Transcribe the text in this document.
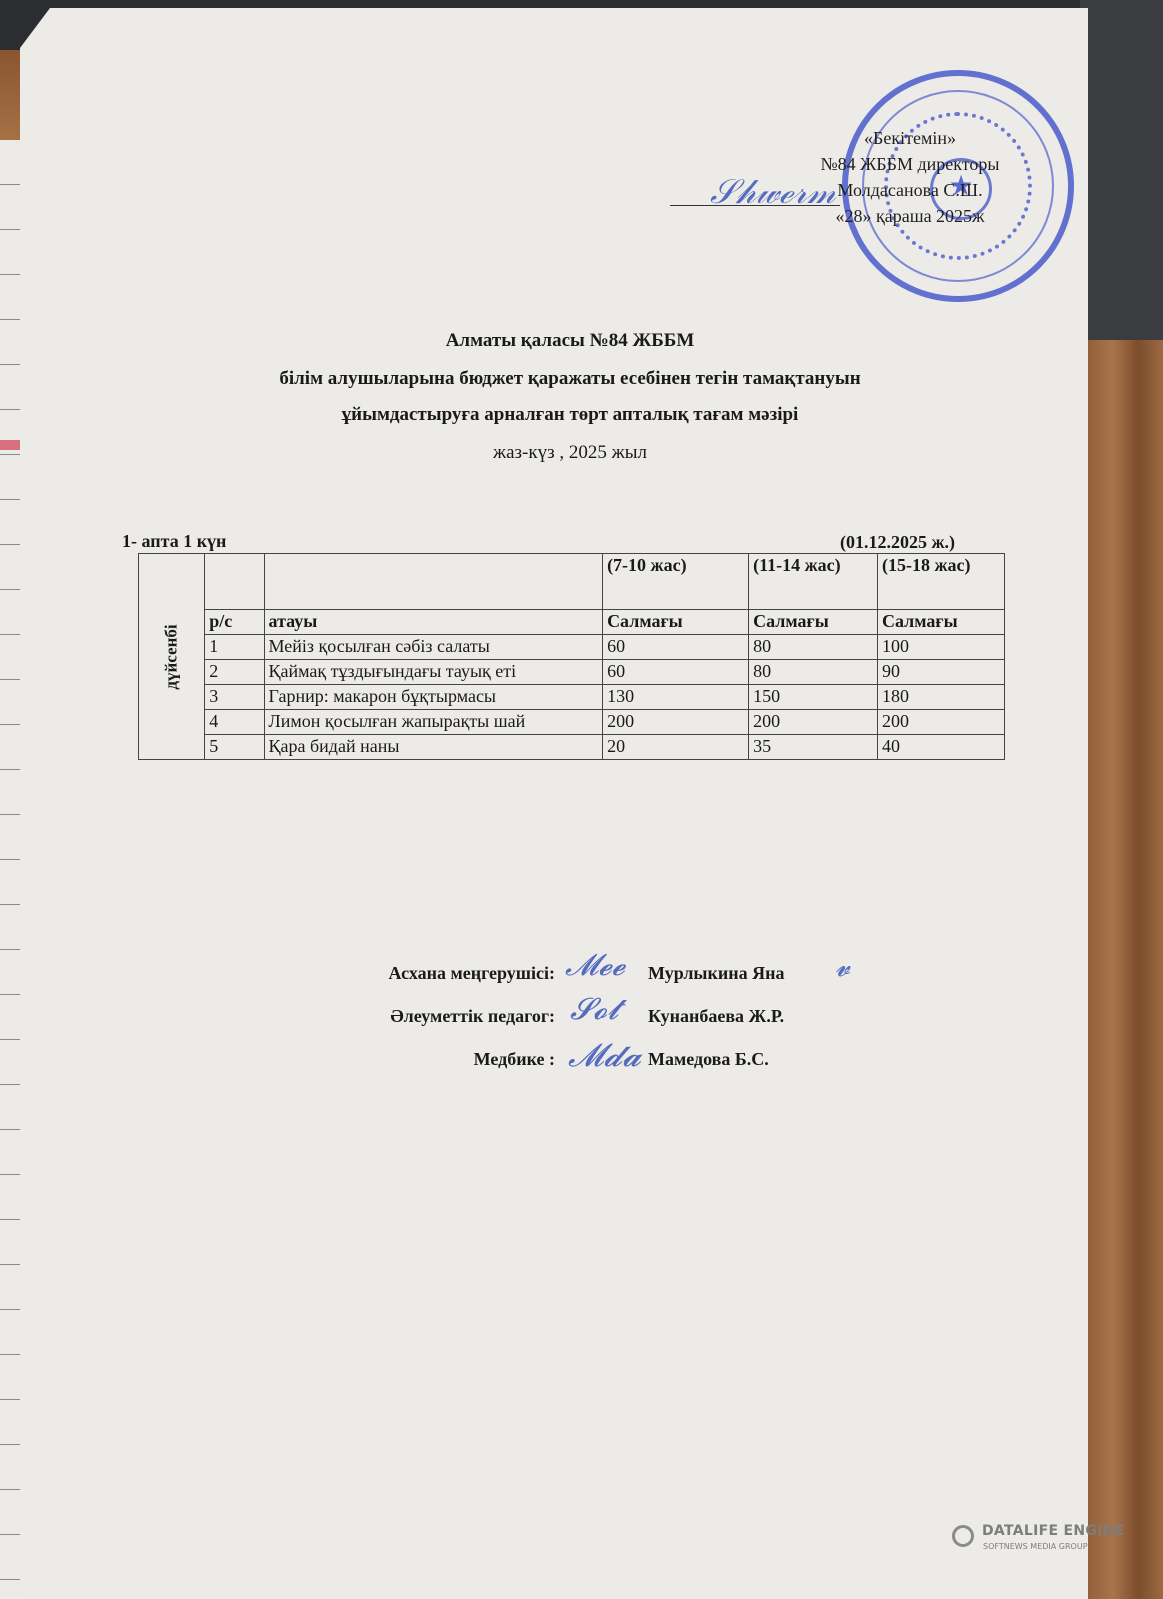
★
«Бекітемін»
№84 ЖББМ директоры
Молдасанова С.Ш.
«28» қараша 2025ж
𝒮𝒽𝓌ℯ𝓇𝓂
Алматы қаласы №84 ЖББМ
білім алушыларына бюджет қаражаты есебінен тегін тамақтануын
ұйымдастыруға арналған төрт апталық тағам мәзірі
жаз-күз , 2025 жыл
1- апта 1 күн	(01.12.2025 ж.)
дүйсенбі			(7-10 жас)	(11-14 жас)	(15-18 жас)
	р/с	атауы	Салмағы	Салмағы	Салмағы
	1	Мейіз қосылған сәбіз салаты	60	80	100
	2	Қаймақ тұздығындағы тауық еті	60	80	90
	3	Гарнир: макарон бұқтырмасы	130	150	180
	4	Лимон қосылған жапырақты шай	200	200	200
	5	Қара бидай наны	20	35	40
Асхана меңгерушісі:	Мурлыкина Яна
Әлеуметтік педагог:	Кунанбаева Ж.Р.
Медбике :	Мамедова Б.С.
𝓜𝓮𝓮
𝓢𝓸𝓽
𝓜𝓭𝓪
𝓿
DATALIFE ENGINE
SOFTNEWS MEDIA GROUP
